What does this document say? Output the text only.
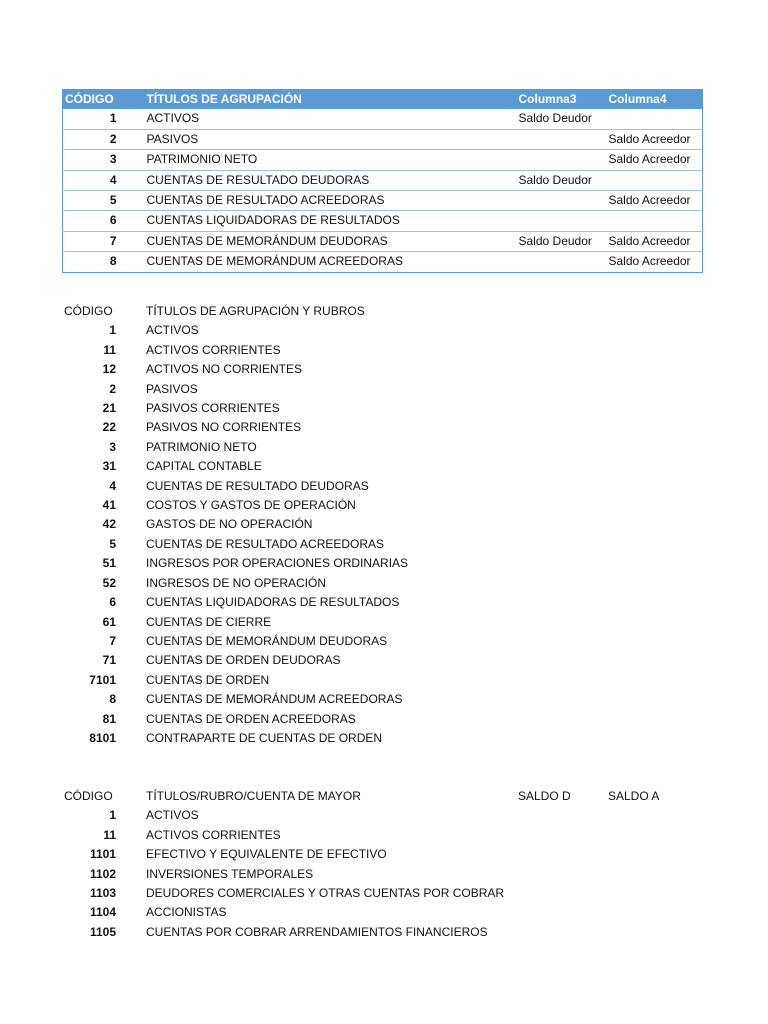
CÓDIGO	TÍTULOS DE AGRUPACIÓN	Columna3	Columna4
1	ACTIVOS	Saldo Deudor	
2	PASIVOS		Saldo Acreedor
3	PATRIMONIO NETO		Saldo Acreedor
4	CUENTAS DE RESULTADO DEUDORAS	Saldo Deudor	
5	CUENTAS DE RESULTADO ACREEDORAS		Saldo Acreedor
6	CUENTAS LIQUIDADORAS DE RESULTADOS		
7	CUENTAS DE MEMORÁNDUM DEUDORAS	Saldo Deudor	Saldo Acreedor
8	CUENTAS DE MEMORÁNDUM ACREEDORAS		Saldo Acreedor
CÓDIGO	TÍTULOS DE AGRUPACIÓN Y RUBROS		
1	ACTIVOS		
11	ACTIVOS CORRIENTES		
12	ACTIVOS NO CORRIENTES		
2	PASIVOS		
21	PASIVOS CORRIENTES		
22	PASIVOS NO CORRIENTES		
3	PATRIMONIO NETO		
31	CAPITAL CONTABLE		
4	CUENTAS DE RESULTADO DEUDORAS		
41	COSTOS Y GASTOS DE OPERACIÓN		
42	GASTOS DE NO OPERACIÓN		
5	CUENTAS DE RESULTADO ACREEDORAS		
51	INGRESOS POR OPERACIONES ORDINARIAS		
52	INGRESOS DE NO OPERACIÓN		
6	CUENTAS LIQUIDADORAS DE RESULTADOS		
61	CUENTAS DE CIERRE		
7	CUENTAS DE MEMORÁNDUM DEUDORAS		
71	CUENTAS DE ORDEN DEUDORAS		
7101	CUENTAS DE ORDEN		
8	CUENTAS DE MEMORÁNDUM ACREEDORAS		
81	CUENTAS DE ORDEN ACREEDORAS		
8101	CONTRAPARTE DE CUENTAS DE ORDEN		
CÓDIGO	TÍTULOS/RUBRO/CUENTA DE MAYOR	SALDO D	SALDO A
1	ACTIVOS		
11	ACTIVOS CORRIENTES		
1101	EFECTIVO Y EQUIVALENTE DE EFECTIVO		
1102	INVERSIONES TEMPORALES		
1103	DEUDORES COMERCIALES Y OTRAS CUENTAS POR COBRAR		
1104	ACCIONISTAS		
1105	CUENTAS POR COBRAR ARRENDAMIENTOS FINANCIEROS		
